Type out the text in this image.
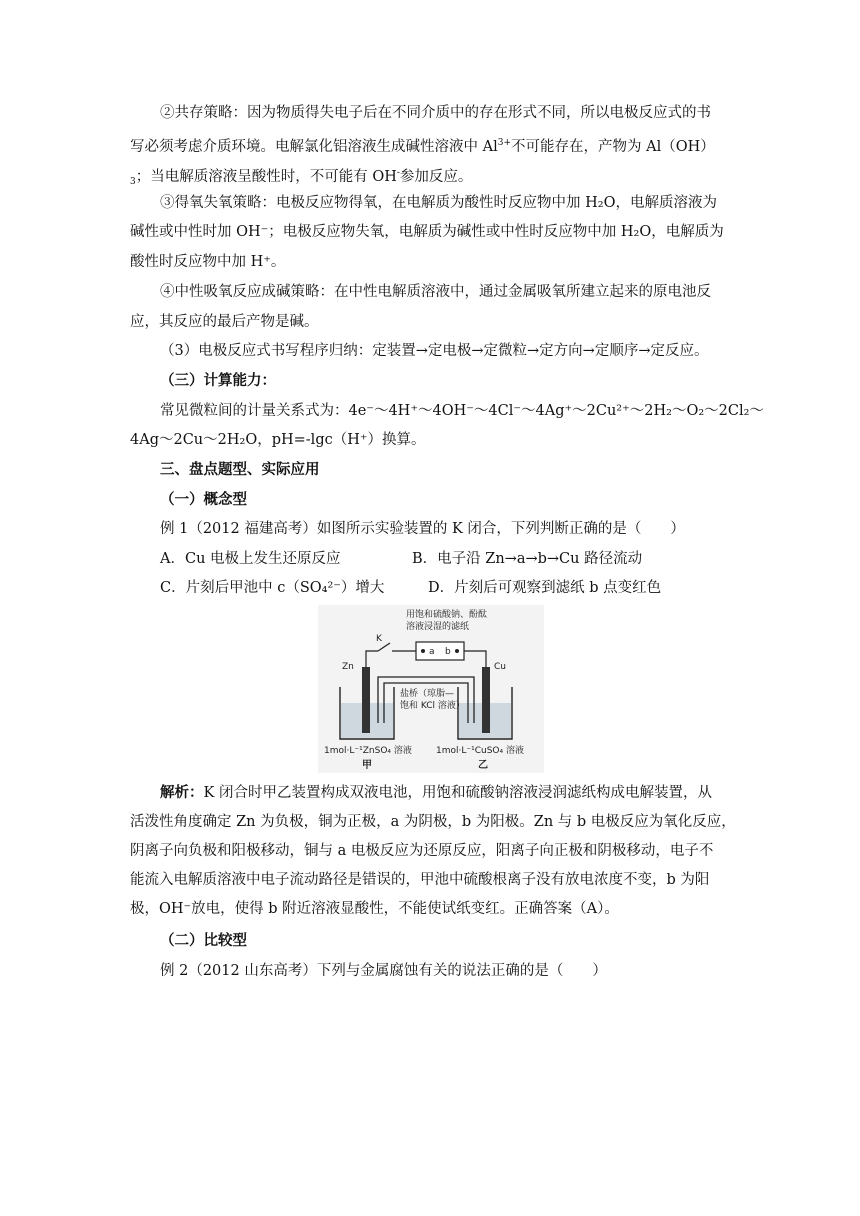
②共存策略：因为物质得失电子后在不同介质中的存在形式不同，所以电极反应式的书
写必须考虑介质环境。电解氯化铝溶液生成碱性溶液中 $Al^{3+}$不可能存在，产物为 Al（OH）
$_3$；当电解质溶液呈酸性时，不可能有 OH-参加反应。
③得氧失氧策略：电极反应物得氧，在电解质为酸性时反应物中加 H₂O，电解质溶液为
碱性或中性时加 OH⁻；电极反应物失氧，电解质为碱性或中性时反应物中加 H₂O，电解质为
酸性时反应物中加 H⁺。
④中性吸氧反应成碱策略：在中性电解质溶液中，通过金属吸氧所建立起来的原电池反
应，其反应的最后产物是碱。
（3）电极反应式书写程序归纳：定装置→定电极→定微粒→定方向→定顺序→定反应。
（三）计算能力：
常见微粒间的计量关系式为：4e⁻～4H⁺～4OH⁻～4Cl⁻～4Ag⁺～2Cu²⁺～2H₂～O₂～2Cl₂～
4Ag～2Cu～2H₂O，pH=-lgc（H⁺）换算。
三、盘点题型、实际应用
（一）概念型
例 1（2012 福建高考）如图所示实验装置的 K 闭合，下列判断正确的是（　　）
A．Cu 电极上发生还原反应	B．电子沿 Zn→a→b→Cu 路径流动
C．片刻后甲池中 c（SO₄²⁻）增大	D．片刻后可观察到滤纸 b 点变红色
用饱和硫酸钠、酚酞
溶液浸湿的滤纸
a b
K
Zn	Cu
盐桥（琼脂—
饱和 KCl 溶液）
1mol·L⁻¹ZnSO₄ 溶液	1mol·L⁻¹CuSO₄ 溶液
甲	乙
解析：K 闭合时甲乙装置构成双液电池，用饱和硫酸钠溶液浸润滤纸构成电解装置，从
活泼性角度确定 Zn 为负极，铜为正极，a 为阴极，b 为阳极。Zn 与 b 电极反应为氧化反应，
阴离子向负极和阳极移动，铜与 a 电极反应为还原反应，阳离子向正极和阴极移动，电子不
能流入电解质溶液中电子流动路径是错误的，甲池中硫酸根离子没有放电浓度不变，b 为阳
极，OH⁻放电，使得 b 附近溶液显酸性，不能使试纸变红。正确答案（A）。
（二）比较型
例 2（2012 山东高考）下列与金属腐蚀有关的说法正确的是（　　）
